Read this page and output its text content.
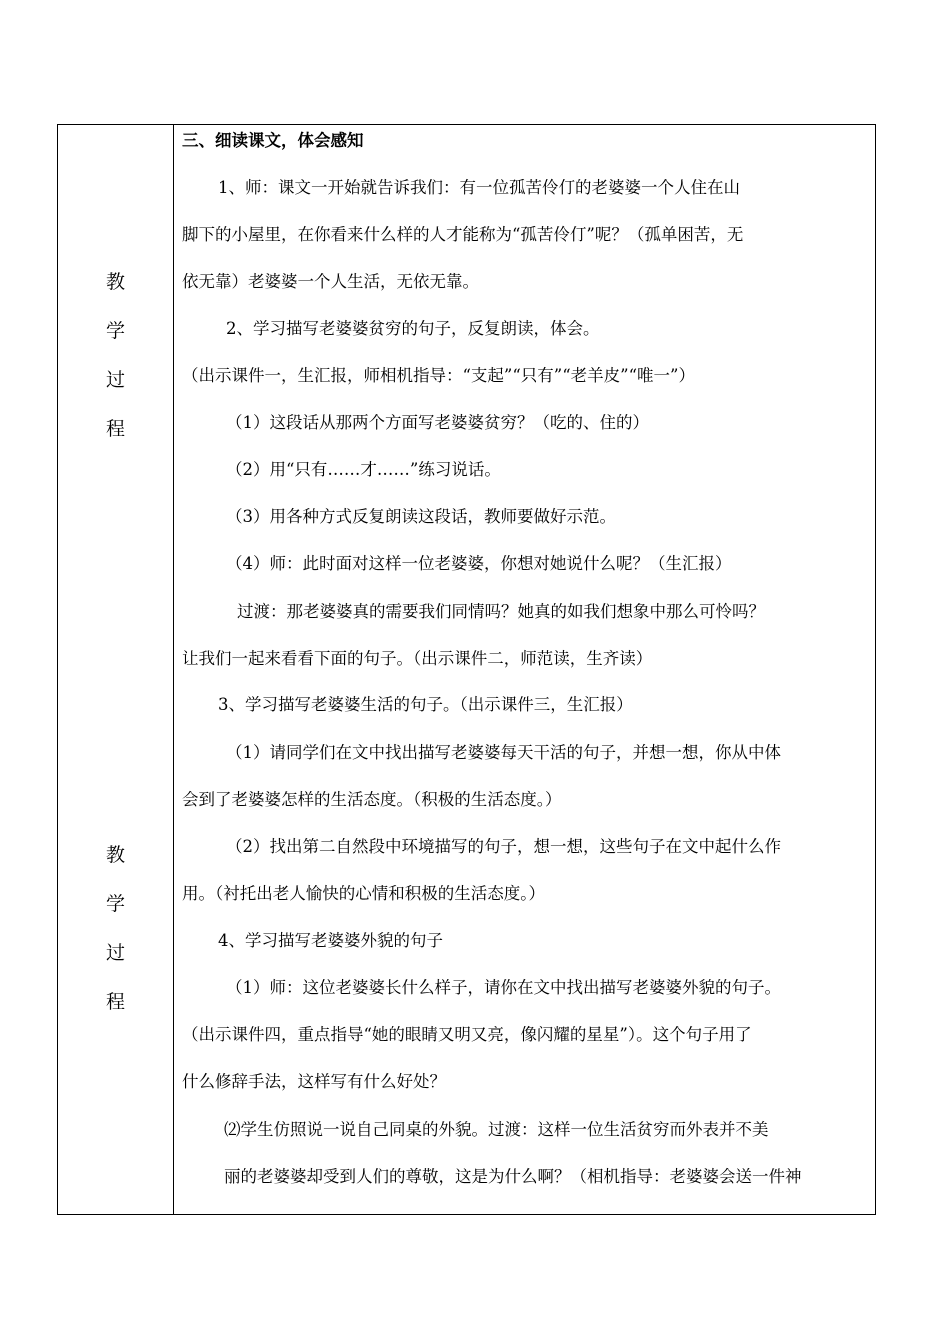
教
学
过
程
教
学
过
程
三、细读课文，体会感知
1、师：课文一开始就告诉我们：有一位孤苦伶仃的老婆婆一个人住在山
脚下的小屋里，在你看来什么样的人才能称为“孤苦伶仃”呢？（孤单困苦，无
依无靠）老婆婆一个人生活，无依无靠。
2、学习描写老婆婆贫穷的句子，反复朗读，体会。
（出示课件一，生汇报，师相机指导：“支起”“只有”“老羊皮”“唯一”）
（1）这段话从那两个方面写老婆婆贫穷？（吃的、住的）
（2）用“只有……才……”练习说话。
（3）用各种方式反复朗读这段话，教师要做好示范。
（4）师：此时面对这样一位老婆婆，你想对她说什么呢？（生汇报）
过渡：那老婆婆真的需要我们同情吗？她真的如我们想象中那么可怜吗？
让我们一起来看看下面的句子。（出示课件二，师范读，生齐读）
3、学习描写老婆婆生活的句子。（出示课件三，生汇报）
（1）请同学们在文中找出描写老婆婆每天干活的句子，并想一想，你从中体
会到了老婆婆怎样的生活态度。（积极的生活态度。）
（2）找出第二自然段中环境描写的句子，想一想，这些句子在文中起什么作
用。（衬托出老人愉快的心情和积极的生活态度。）
4、学习描写老婆婆外貌的句子
（1）师：这位老婆婆长什么样子，请你在文中找出描写老婆婆外貌的句子。
（出示课件四，重点指导“她的眼睛又明又亮，像闪耀的星星”）。这个句子用了
什么修辞手法，这样写有什么好处？
⑵学生仿照说一说自己同桌的外貌。过渡：这样一位生活贫穷而外表并不美
丽的老婆婆却受到人们的尊敬，这是为什么啊？（相机指导：老婆婆会送一件神
